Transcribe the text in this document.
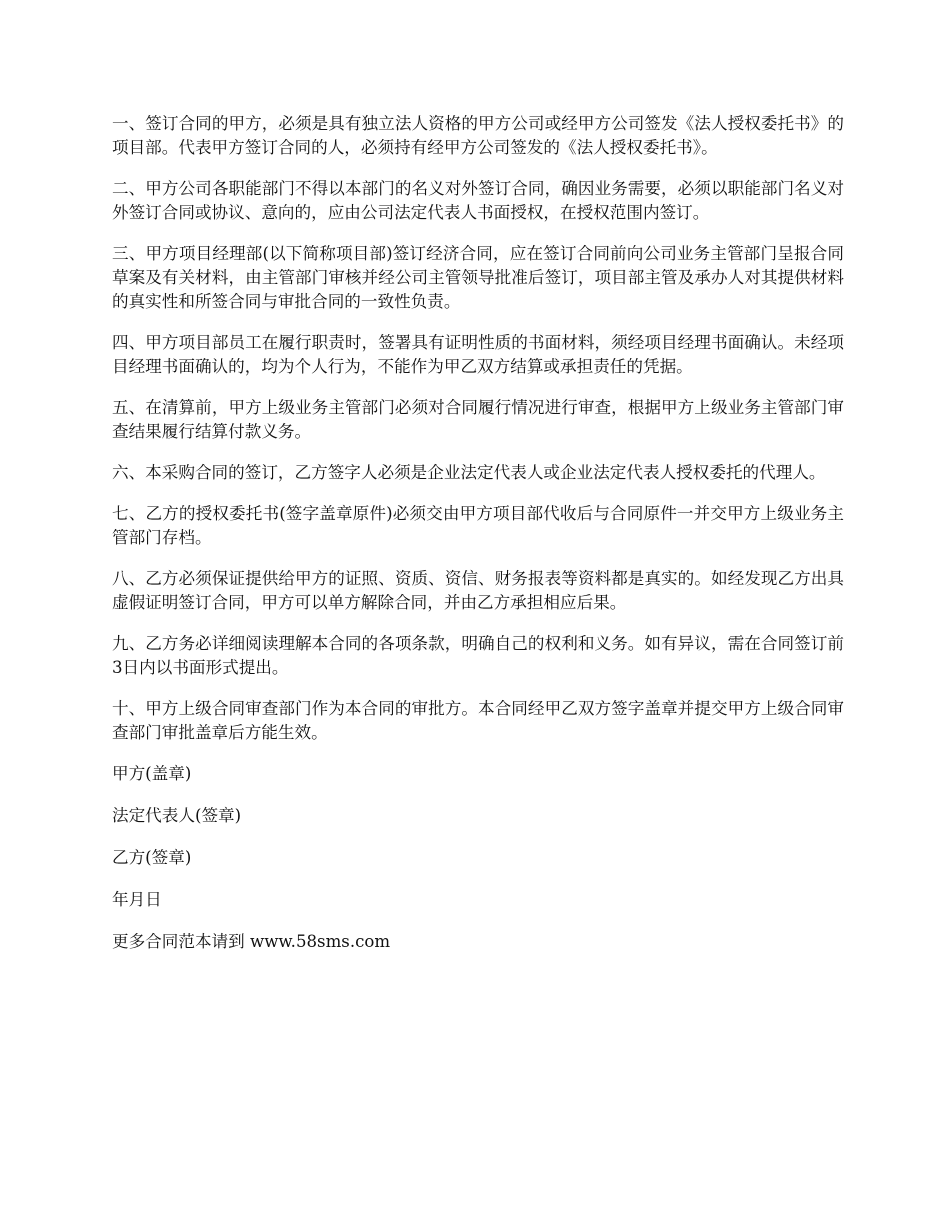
一、签订合同的甲方，必须是具有独立法人资格的甲方公司或经甲方公司签发《法人授权委托书》的项目部。代表甲方签订合同的人，必须持有经甲方公司签发的《法人授权委托书》。

二、甲方公司各职能部门不得以本部门的名义对外签订合同，确因业务需要，必须以职能部门名义对外签订合同或协议、意向的，应由公司法定代表人书面授权，在授权范围内签订。

三、甲方项目经理部(以下简称项目部)签订经济合同，应在签订合同前向公司业务主管部门呈报合同草案及有关材料，由主管部门审核并经公司主管领导批准后签订，项目部主管及承办人对其提供材料的真实性和所签合同与审批合同的一致性负责。

四、甲方项目部员工在履行职责时，签署具有证明性质的书面材料，须经项目经理书面确认。未经项目经理书面确认的，均为个人行为，不能作为甲乙双方结算或承担责任的凭据。

五、在清算前，甲方上级业务主管部门必须对合同履行情况进行审查，根据甲方上级业务主管部门审查结果履行结算付款义务。

六、本采购合同的签订，乙方签字人必须是企业法定代表人或企业法定代表人授权委托的代理人。

七、乙方的授权委托书(签字盖章原件)必须交由甲方项目部代收后与合同原件一并交甲方上级业务主管部门存档。

八、乙方必须保证提供给甲方的证照、资质、资信、财务报表等资料都是真实的。如经发现乙方出具虚假证明签订合同，甲方可以单方解除合同，并由乙方承担相应后果。

九、乙方务必详细阅读理解本合同的各项条款，明确自己的权利和义务。如有异议，需在合同签订前3日内以书面形式提出。

十、甲方上级合同审查部门作为本合同的审批方。本合同经甲乙双方签字盖章并提交甲方上级合同审查部门审批盖章后方能生效。

甲方(盖章)

法定代表人(签章)

乙方(签章)

年月日

更多合同范本请到 www.58sms.com
